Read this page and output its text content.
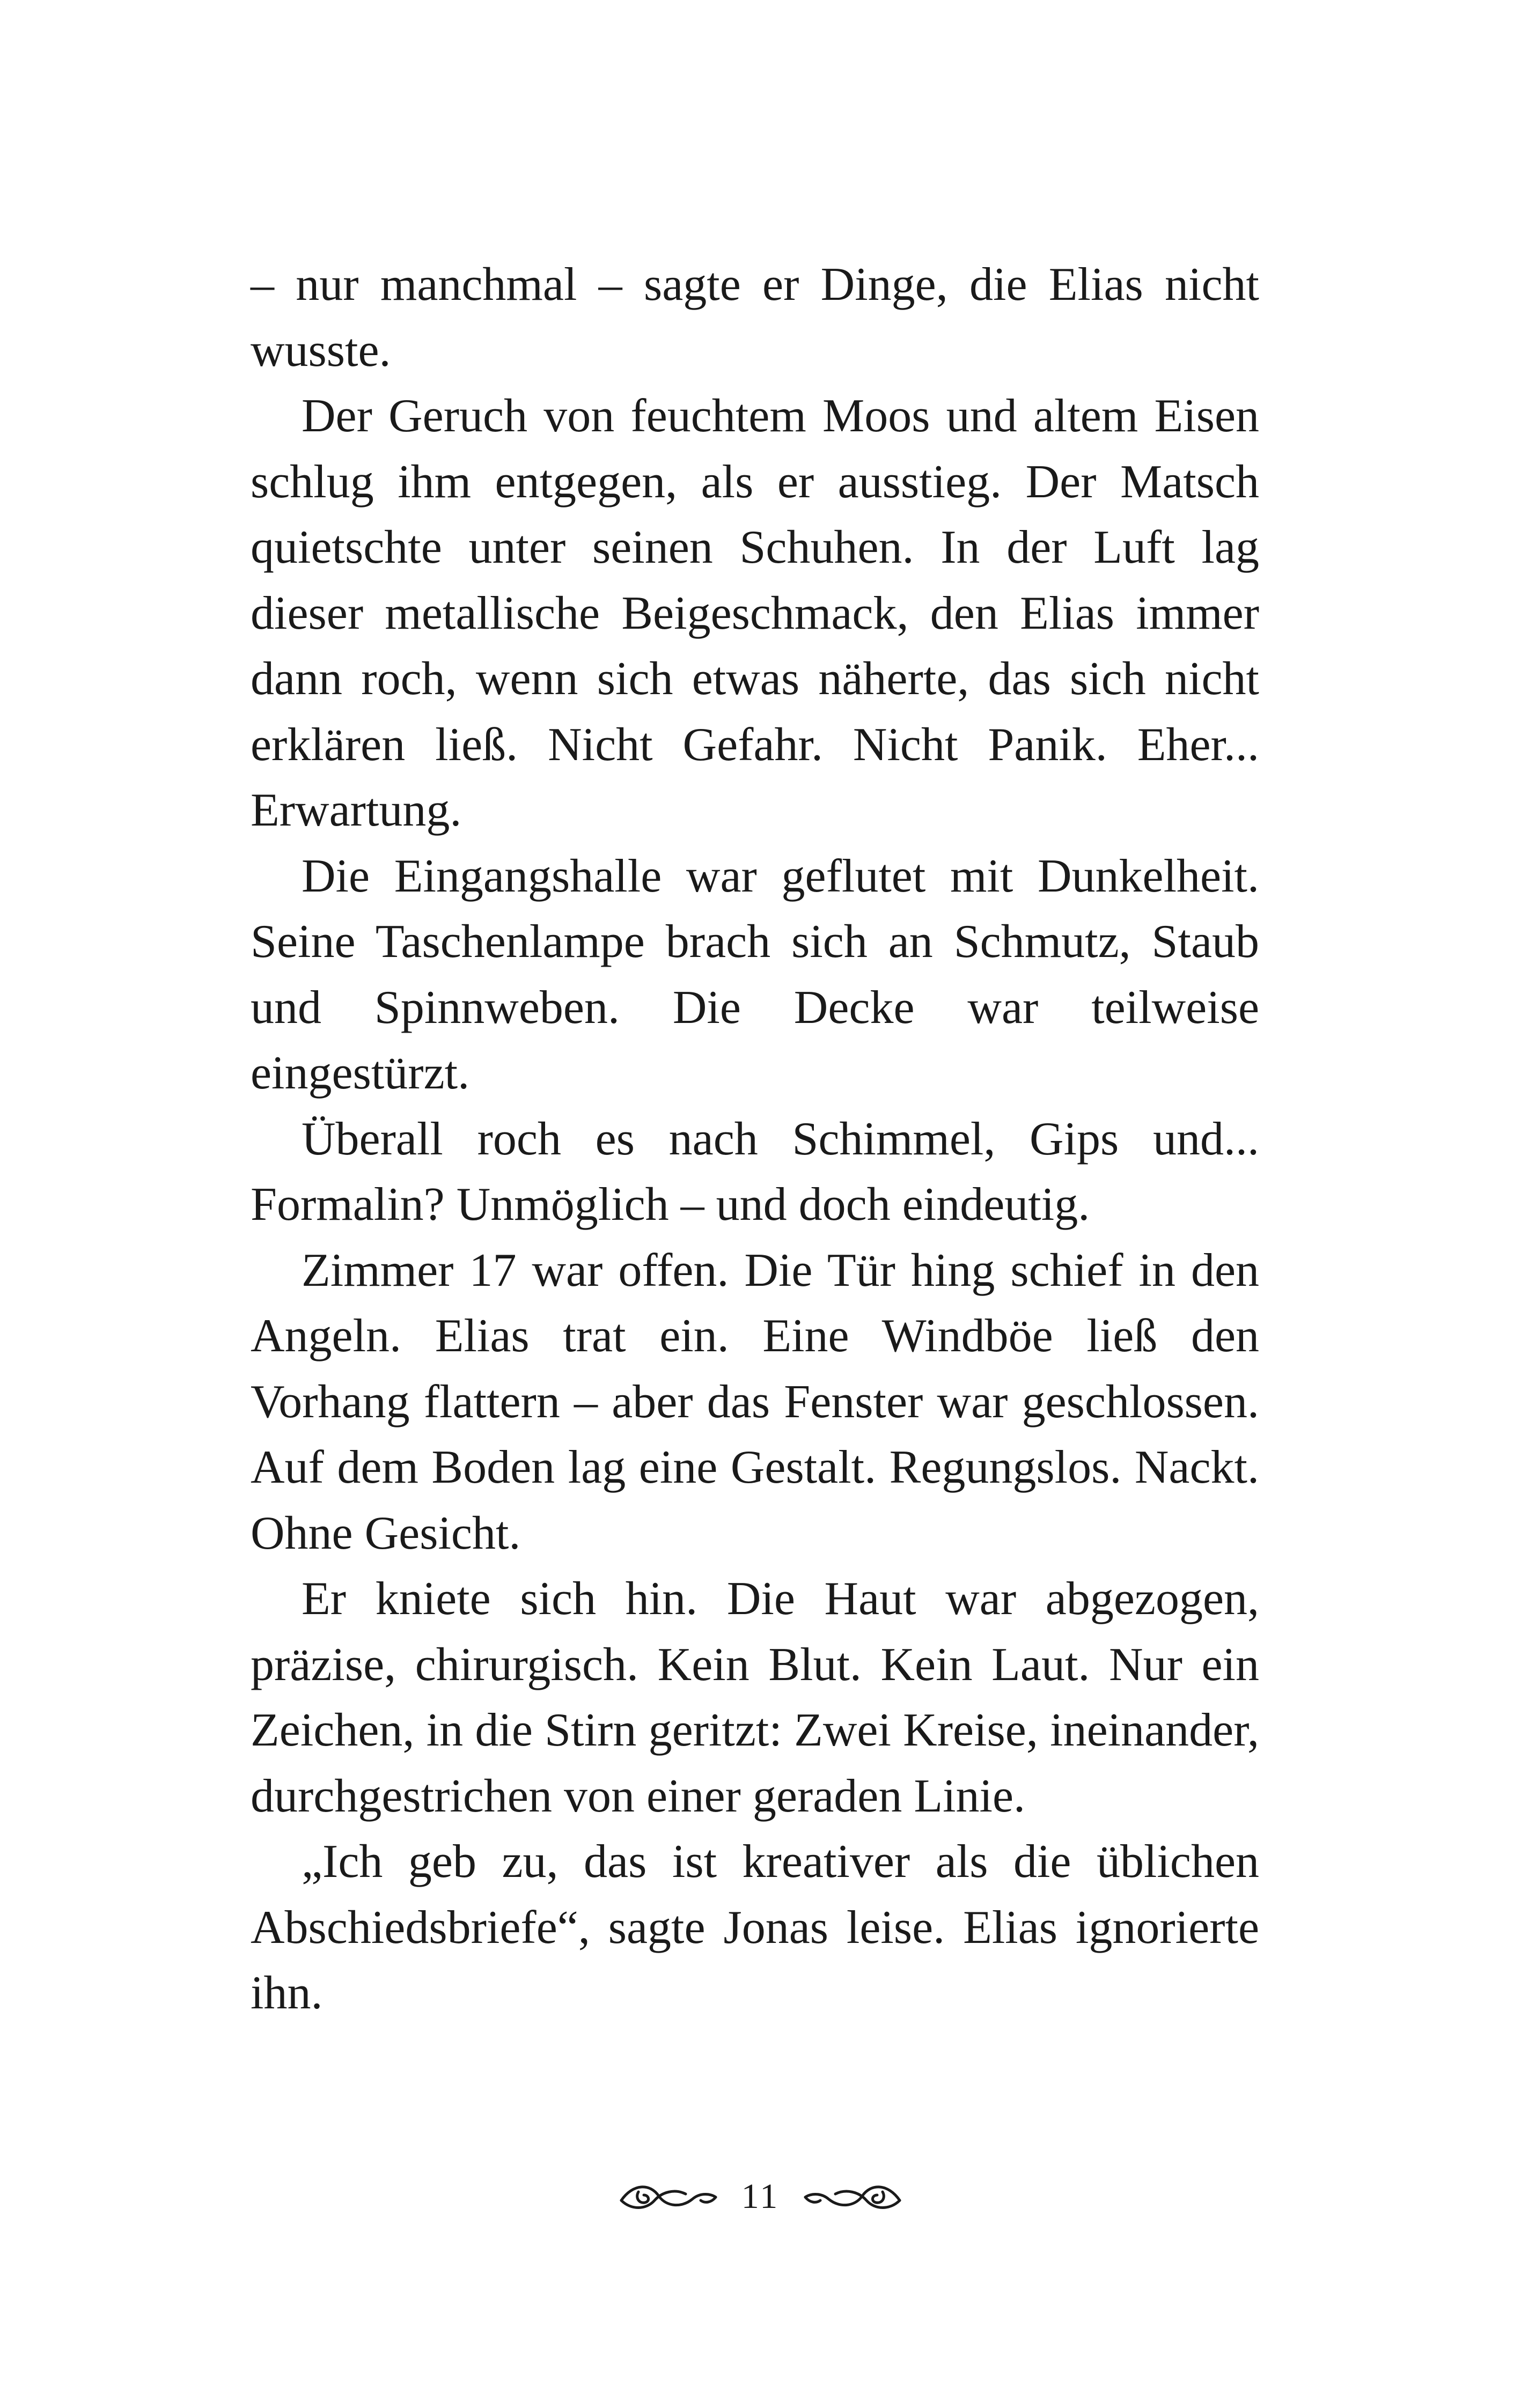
– nur manchmal – sagte er Dinge, die Elias nicht wusste.

Der Geruch von feuchtem Moos und altem Eisen schlug ihm entgegen, als er ausstieg. Der Matsch quietschte unter seinen Schuhen. In der Luft lag dieser metallische Beigeschmack, den Elias immer dann roch, wenn sich etwas näherte, das sich nicht erklären ließ. Nicht Gefahr. Nicht Panik. Eher... Erwartung.

Die Eingangshalle war geflutet mit Dunkelheit. Seine Taschenlampe brach sich an Schmutz, Staub und Spinnweben. Die Decke war teilweise eingestürzt.

Überall roch es nach Schimmel, Gips und... Formalin? Unmöglich – und doch eindeutig.

Zimmer 17 war offen. Die Tür hing schief in den Angeln. Elias trat ein. Eine Windböe ließ den Vorhang flattern – aber das Fenster war geschlossen. Auf dem Boden lag eine Gestalt. Regungslos. Nackt. Ohne Gesicht.

Er kniete sich hin. Die Haut war abgezogen, präzise, chirurgisch. Kein Blut. Kein Laut. Nur ein Zeichen, in die Stirn geritzt: Zwei Kreise, ineinander, durchgestrichen von einer geraden Linie.

„Ich geb zu, das ist kreativer als die üblichen Abschiedsbriefe“, sagte Jonas leise. Elias ignorierte ihn.

11
